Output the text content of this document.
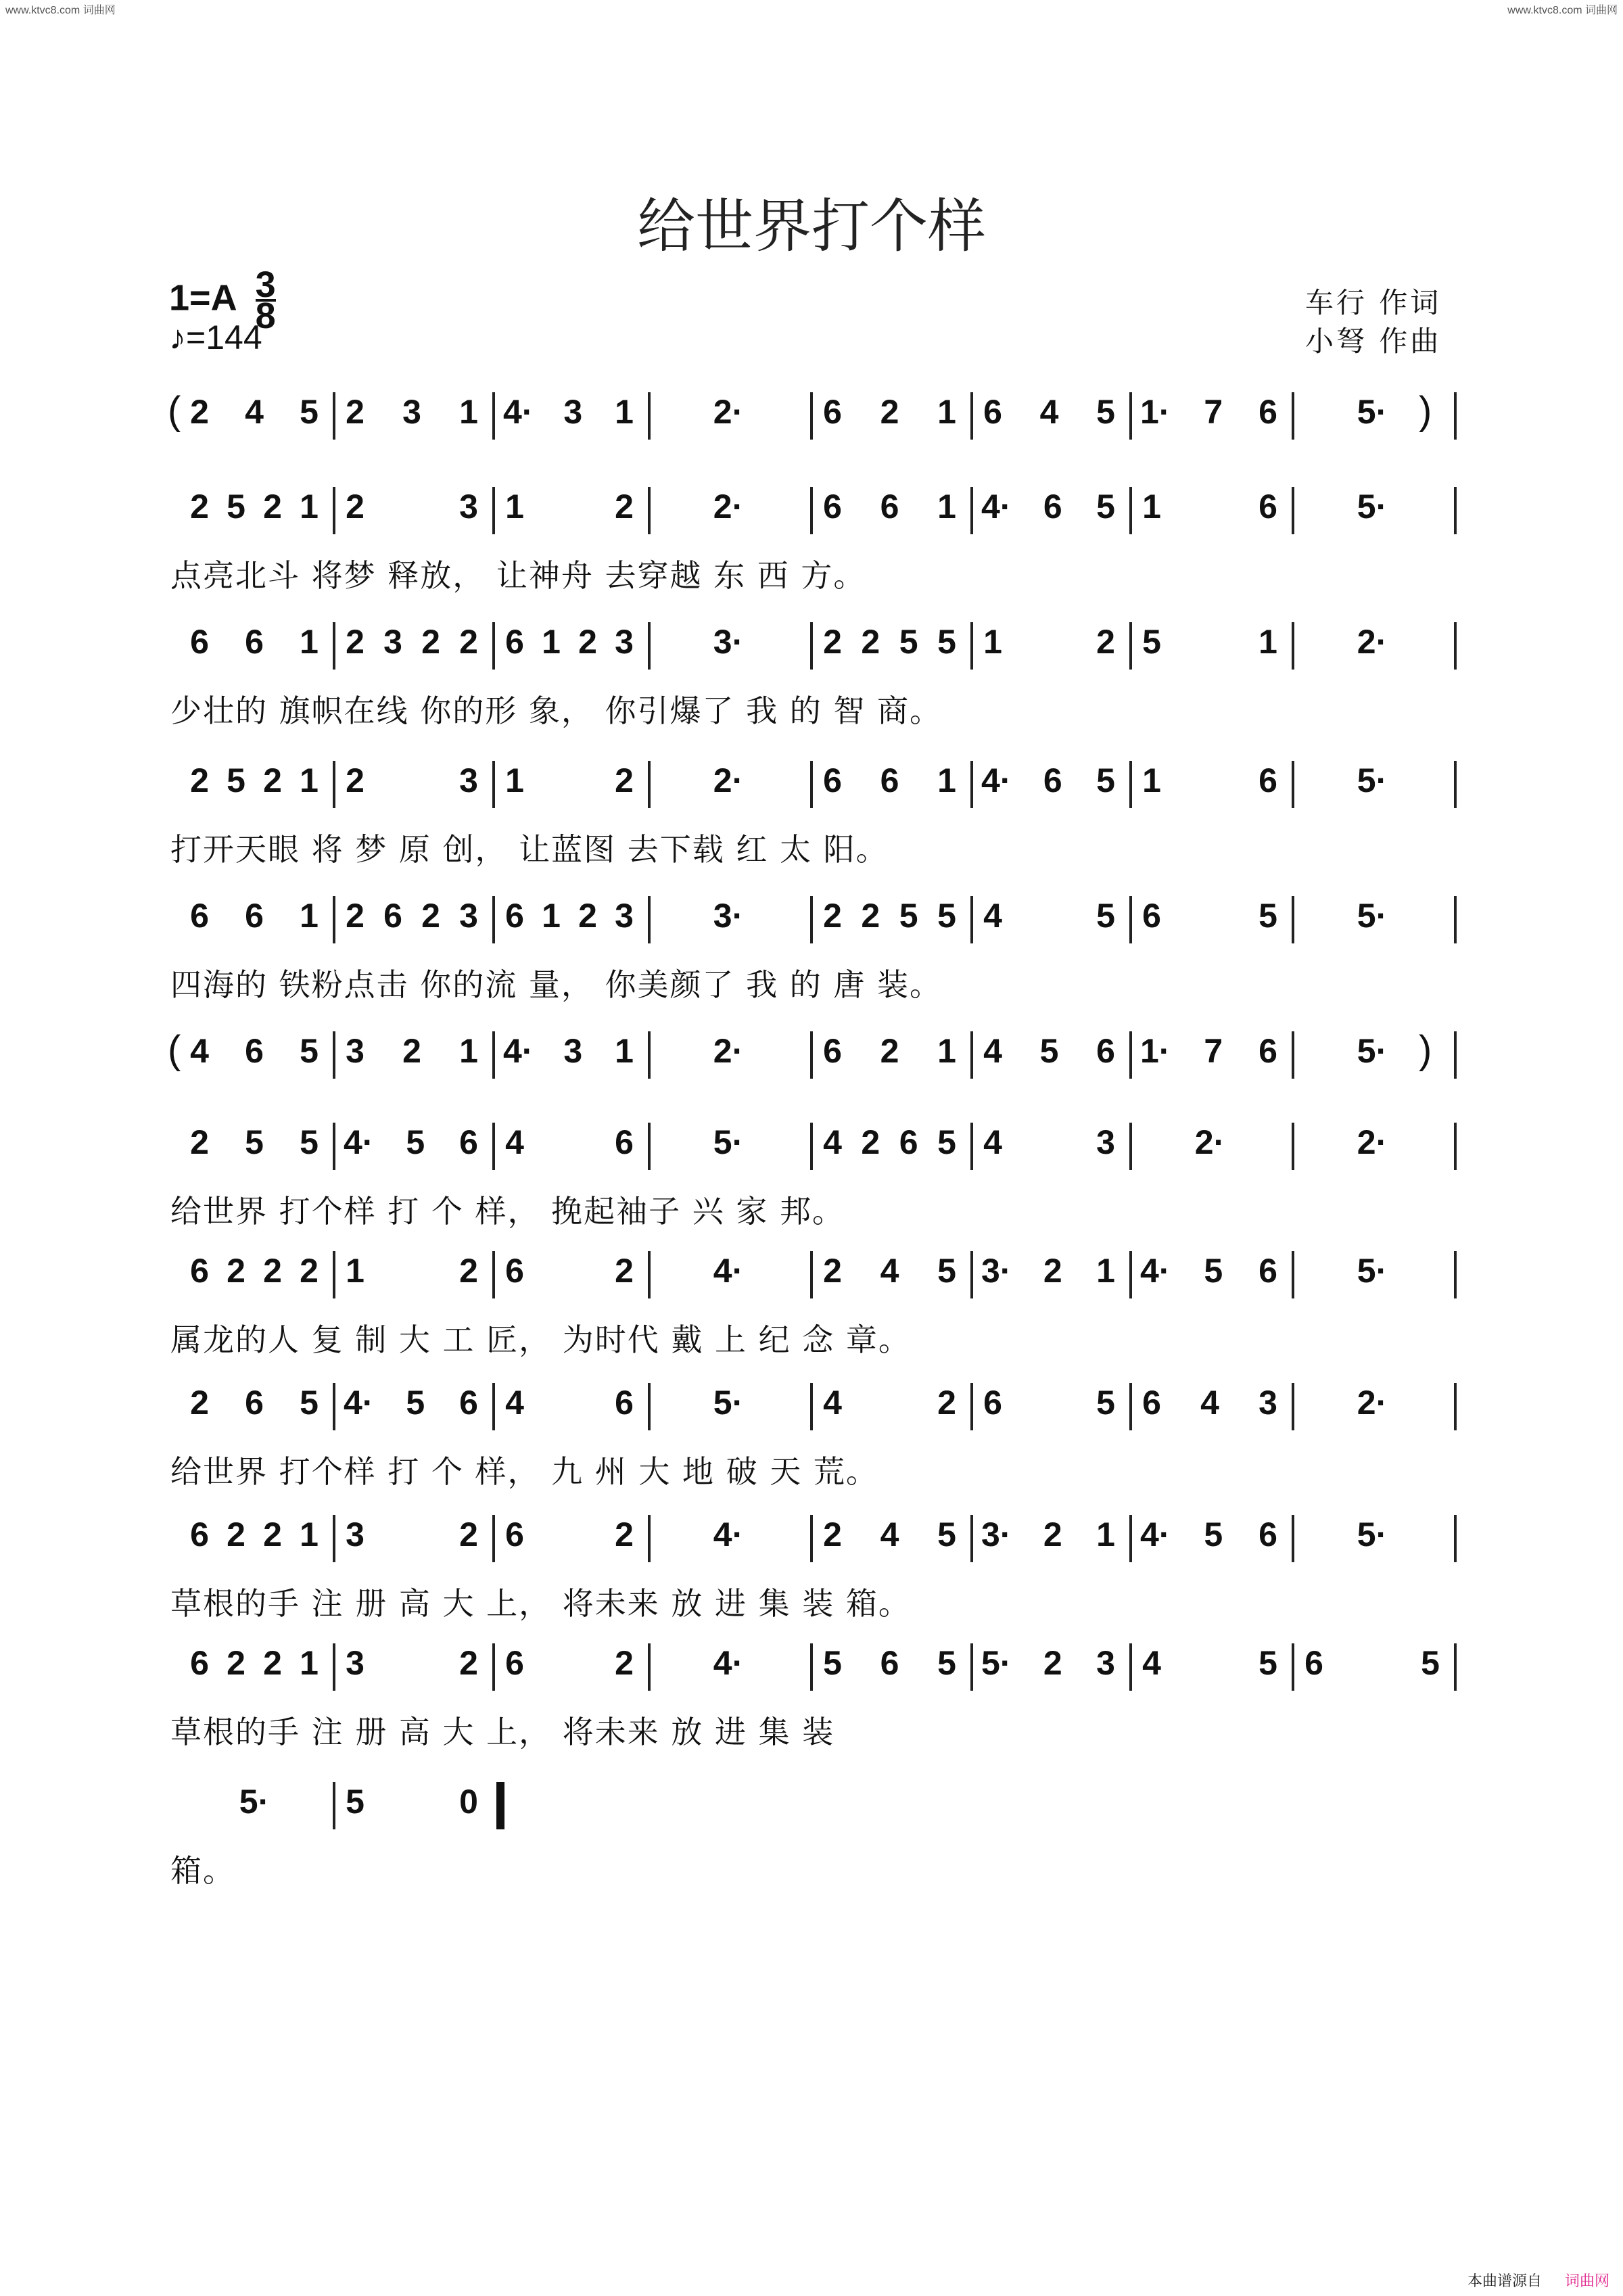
www.ktvc8.com 词曲网	www.ktvc8.com 词曲网
给世界打个样
$1=A \frac{3}{8}$
♪=144
车行 作词
小弩 作曲
( 2 4 5 2 3 1 4· 3 1 2· 6 2 1 6 4 5 1· 7 6 5· )
2 5 2 1 2	3 1	2 2· 6 6 1 4· 6 5 1	6 5·
点亮北斗 将梦 释放， 让神舟 去穿越 东 西 方。
6 6 1 2 3 2 2 6 1 2 3 3· 2 2 5 5 1	2 5	1 2·
少壮的 旗帜在线 你的形 象， 你引爆了 我 的 智 商。
2 5 2 1 2	3 1	2 2· 6 6 1 4· 6 5 1	6 5·
打开天眼 将 梦 原 创， 让蓝图 去下载 红 太 阳。
6 6 1 2 6 2 3 6 1 2 3 3· 2 2 5 5 4	5 6	5 5·
四海的 铁粉点击 你的流 量， 你美颜了 我 的 唐 装。
( 4 6 5 3 2 1 4· 3 1 2· 6 2 1 4 5 6 1· 7 6 5· )
2 5 5 4· 5 6 4	6 5· 4 2 6 5 4	3 2·	2·
给世界 打个样 打 个 样， 挽起袖子 兴 家 邦。
6 2 2 2 1	2 6	2 4· 2 4 5 3· 2 1 4· 5 6 5·
属龙的人 复 制 大 工 匠， 为时代 戴 上 纪 念 章。
2 6 5 4· 5 6 4	6 5· 4	2 6	5 6 4 3 2·
给世界 打个样 打 个 样， 九 州 大 地 破 天 荒。
6 2 2 1 3	2 6	2 4· 2 4 5 3· 2 1 4· 5 6 5·
草根的手 注 册 高 大 上， 将未来 放 进 集 装 箱。
6 2 2 1 3	2 6	2 4· 5 6 5 5· 2 3 4	5 6	5
草根的手 注 册 高 大 上， 将未来 放 进 集 装
5· 5	0
箱。
本曲谱源自 词曲网
